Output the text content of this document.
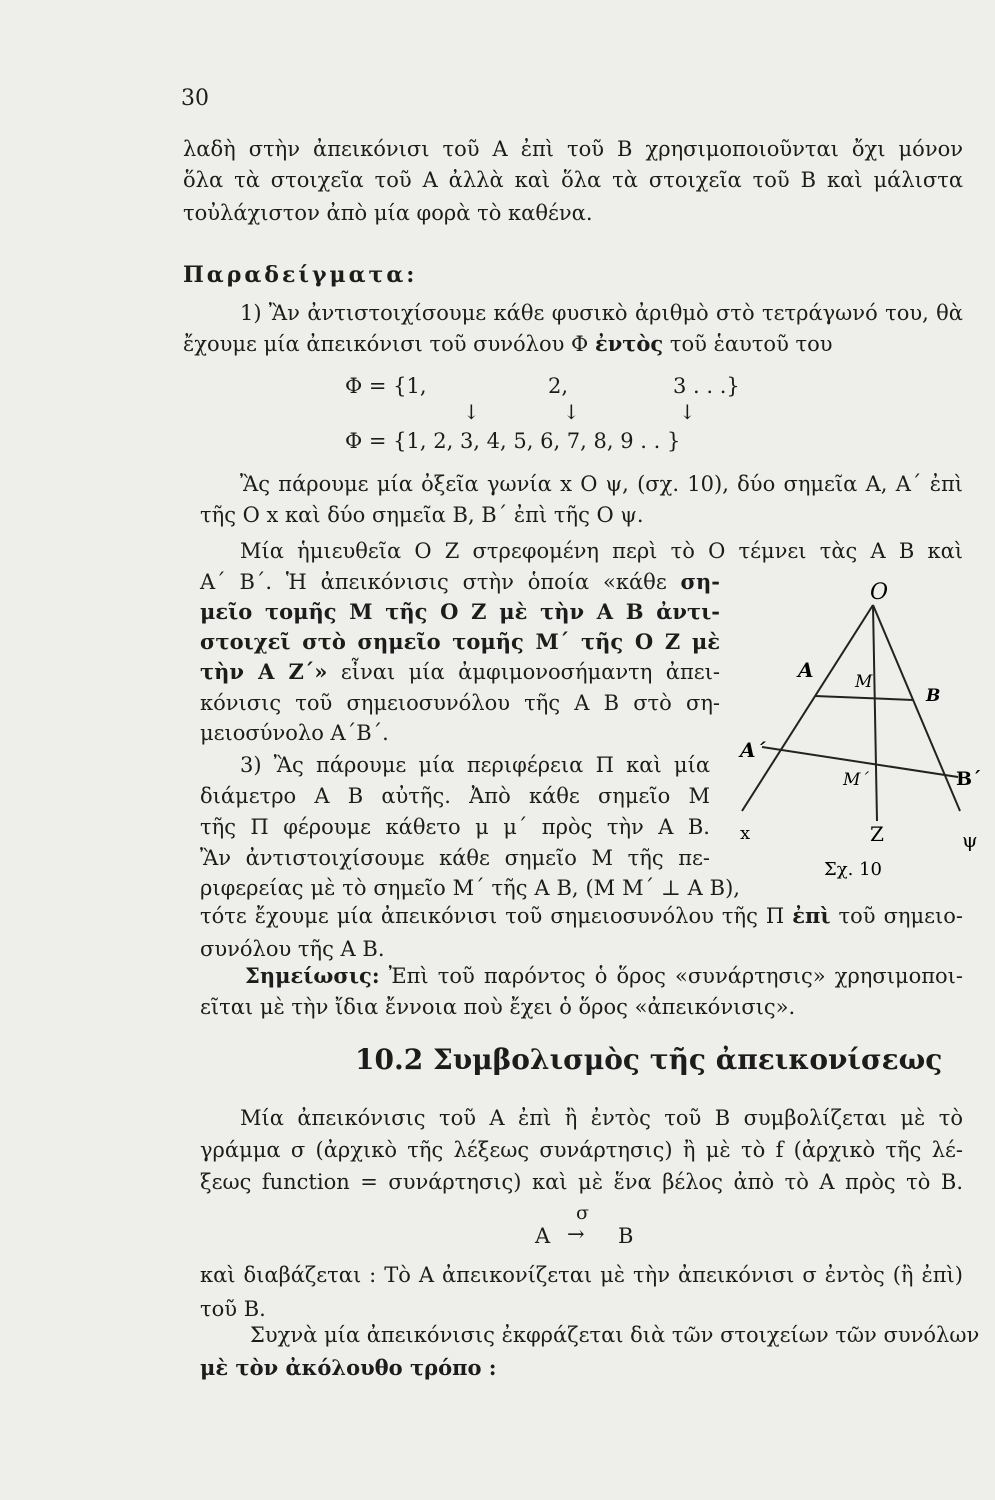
30
λαδὴ στὴν ἀπεικόνισι τοῦ Α ἐπὶ τοῦ Β χρησιμοποιοῦνται ὄχι μόνον
ὅλα τὰ στοιχεῖα τοῦ Α ἀλλὰ καὶ ὅλα τὰ στοιχεῖα τοῦ Β καὶ μάλιστα
τοὐλάχιστον ἀπὸ μία φορὰ τὸ καθένα.
Παραδείγματα:
1) Ἂν ἀντιστοιχίσουμε κάθε φυσικὸ ἀριθμὸ στὸ τετράγωνό του, θὰ
ἔχουμε μία ἀπεικόνισι τοῦ συνόλου Φ ἐντὸς τοῦ ἑαυτοῦ του
Φ = {1,	2,	3 . . .}
↓	↓	↓
Φ = {1, 2, 3, 4, 5, 6, 7, 8, 9 . . }
Ἂς πάρουμε μία ὀξεῖα γωνία x O ψ, (σχ. 10), δύο σημεῖα Α, Α΄ ἐπὶ
τῆς O x καὶ δύο σημεῖα Β, Β΄ ἐπὶ τῆς O ψ.
Μία ἡμιευθεῖα Ο Ζ στρεφομένη περὶ τὸ Ο τέμνει τὰς Α Β καὶ
Α΄ Β΄. Ἡ ἀπεικόνισις στὴν ὁποία «κάθε ση-
μεῖο τομῆς Μ τῆς Ο Ζ μὲ τὴν Α Β ἀντι-
στοιχεῖ στὸ σημεῖο τομῆς Μ΄ τῆς Ο Ζ μὲ
τὴν Α Ζ΄» εἶναι μία ἀμφιμονοσήμαντη ἀπει-
κόνισις τοῦ σημειοσυνόλου τῆς Α Β στὸ ση-
μειοσύνολο Α΄Β΄.
3) Ἂς πάρουμε μία περιφέρεια Π καὶ μία
διάμετρο Α Β αὐτῆς. Ἀπὸ κάθε σημεῖο Μ
τῆς Π φέρουμε κάθετο μ μ΄ πρὸς τὴν Α Β.
Ἂν ἀντιστοιχίσουμε κάθε σημεῖο Μ τῆς πε-
ριφερείας μὲ τὸ σημεῖο Μ΄ τῆς Α Β, (Μ Μ΄ ⊥ Α Β),
τότε ἔχουμε μία ἀπεικόνισι τοῦ σημειοσυνόλου τῆς Π ἐπὶ τοῦ σημειο-
συνόλου τῆς Α Β.
Σημείωσις: Ἐπὶ τοῦ παρόντος ὁ ὅρος «συνάρτησις» χρησιμοποι-
εῖται μὲ τὴν ἴδια ἔννοια ποὺ ἔχει ὁ ὅρος «ἀπεικόνισις».
10.2 Συμβολισμὸς τῆς ἀπεικονίσεως
Μία ἀπεικόνισις τοῦ Α ἐπὶ ἢ ἐντὸς τοῦ Β συμβολίζεται μὲ τὸ
γράμμα σ (ἀρχικὸ τῆς λέξεως συνάρτησις) ἢ μὲ τὸ f (ἀρχικὸ τῆς λέ-
ξεως function = συνάρτησις) καὶ μὲ ἕνα βέλος ἀπὸ τὸ Α πρὸς τὸ Β.
A
σ
→ B
καὶ διαβάζεται : Τὸ Α ἀπεικονίζεται μὲ τὴν ἀπεικόνισι σ ἐντὸς (ἢ ἐπὶ)
τοῦ Β.
Συχνὰ μία ἀπεικόνισις ἐκφράζεται διὰ τῶν στοιχείων τῶν συνόλων
μὲ τὸν ἀκόλουθο τρόπο :
O
A M
B
A΄
M΄	B΄
x	Z	ψ
Σχ. 10
